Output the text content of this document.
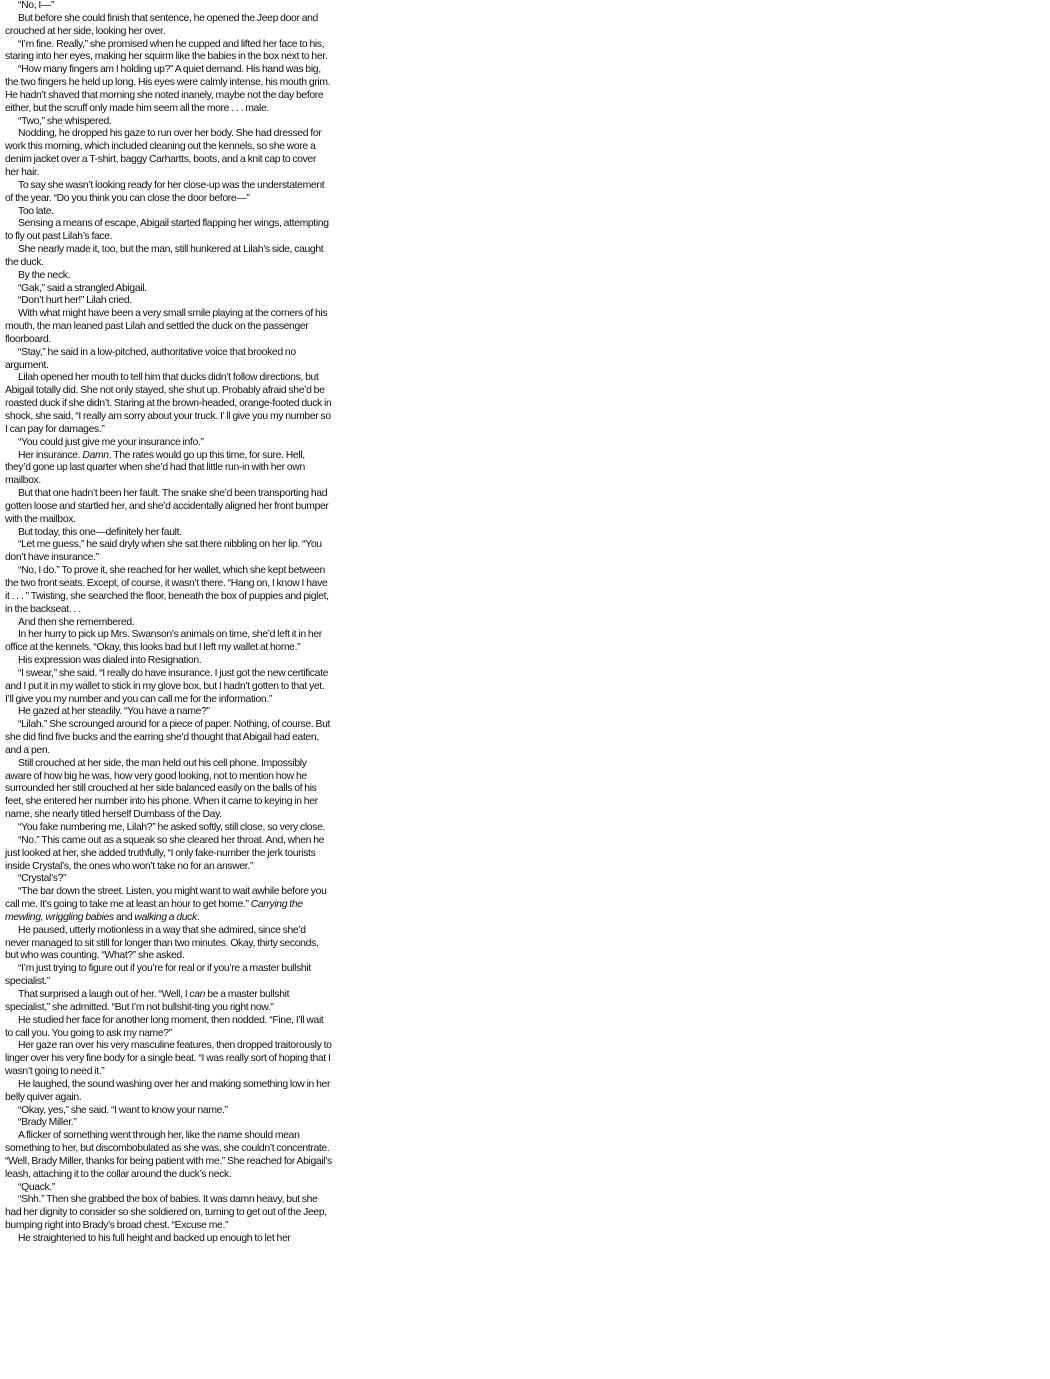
“No, I—”

But before she could finish that sentence, he opened the Jeep door and crouched at her side, looking her over.

“I’m fine. Really,” she promised when he cupped and lifted her face to his, staring into her eyes, making her squirm like the babies in the box next to her.

“How many fingers am I holding up?” A quiet demand. His hand was big, the two fingers he held up long. His eyes were calmly intense, his mouth grim. He hadn’t shaved that morning she noted inanely, maybe not the day before either, but the scruff only made him seem all the more . . . male.

“Two,” she whispered.

Nodding, he dropped his gaze to run over her body. She had dressed for work this morning, which included cleaning out the kennels, so she wore a denim jacket over a T-shirt, baggy Carhartts, boots, and a knit cap to cover her hair.

To say she wasn’t looking ready for her close-up was the understatement of the year. “Do you think you can close the door before—”

Too late.

Sensing a means of escape, Abigail started flapping her wings, attempting to fly out past Lilah’s face.

She nearly made it, too, but the man, still hunkered at Lilah’s side, caught the duck.

By the neck.

“Gak,” said a strangled Abigail.

“Don’t hurt her!” Lilah cried.

With what might have been a very small smile playing at the corners of his mouth, the man leaned past Lilah and settled the duck on the passenger floorboard.

“Stay,” he said in a low-pitched, authoritative voice that brooked no argument.

Lilah opened her mouth to tell him that ducks didn’t follow directions, but Abigail totally did. She not only stayed, she shut up. Probably afraid she’d be roasted duck if she didn’t. Staring at the brown-headed, orange-footed duck in shock, she said, “I really am sorry about your truck. I’ ll give you my number so I can pay for damages.”

“You could just give me your insurance info.”

Her insurance. Damn. The rates would go up this time, for sure. Hell, they’d gone up last quarter when she’d had that little run-in with her own mailbox.

But that one hadn’t been her fault. The snake she’d been transporting had gotten loose and startled her, and she’d accidentally aligned her front bumper with the mailbox.

But today, this one—definitely her fault.

“Let me guess,” he said dryly when she sat there nibbling on her lip. “You don’t have insurance.”

“No, I do.” To prove it, she reached for her wallet, which she kept between the two front seats. Except, of course, it wasn’t there. “Hang on, I know I have it . . . ” Twisting, she searched the floor, beneath the box of puppies and piglet, in the backseat. . .

And then she remembered.

In her hurry to pick up Mrs. Swanson’s animals on time, she’d left it in her office at the kennels. “Okay, this looks bad but I left my wallet at home.”

His expression was dialed into Resignation.

“I swear,” she said. “I really do have insurance. I just got the new certificate and I put it in my wallet to stick in my glove box, but I hadn’t gotten to that yet. I’ll give you my number and you can call me for the information.”

He gazed at her steadily. “You have a name?”

“Lilah.” She scrounged around for a piece of paper. Nothing, of course. But she did find five bucks and the earring she’d thought that Abigail had eaten, and a pen.

Still crouched at her side, the man held out his cell phone. Impossibly aware of how big he was, how very good looking, not to mention how he surrounded her still crouched at her side balanced easily on the balls of his feet, she entered her number into his phone. When it came to keying in her name, she nearly titled herself Dumbass of the Day.

“You fake numbering me, Lilah?” he asked softly, still close, so very close.

“No.” This came out as a squeak so she cleared her throat. And, when he just looked at her, she added truthfully, “I only fake-number the jerk tourists inside Crystal’s, the ones who won’t take no for an answer.”

“Crystal’s?”

“The bar down the street. Listen, you might want to wait awhile before you call me. It’s going to take me at least an hour to get home.” Carrying the mewling, wriggling babies and walking a duck.

He paused, utterly motionless in a way that she admired, since she’d never managed to sit still for longer than two minutes. Okay, thirty seconds, but who was counting. “What?” she asked.

“I’m just trying to figure out if you’re for real or if you’re a master bullshit specialist.”

That surprised a laugh out of her. “Well, I can be a master bullshit specialist,” she admitted. “But I’m not bullshit-ting you right now.”

He studied her face for another long moment, then nodded. “Fine, I’ll wait to call you. You going to ask my name?”

Her gaze ran over his very masculine features, then dropped traitorously to linger over his very fine body for a single beat. “I was really sort of hoping that I wasn’t going to need it.”

He laughed, the sound washing over her and making something low in her belly quiver again.

“Okay, yes,” she said. “I want to know your name.”

“Brady Miller.”

A flicker of something went through her, like the name should mean something to her, but discombobulated as she was, she couldn’t concentrate. “Well, Brady Miller, thanks for being patient with me.” She reached for Abigail’s leash, attaching it to the collar around the duck’s neck.

“Quack.”

“Shh.” Then she grabbed the box of babies. It was damn heavy, but she had her dignity to consider so she soldiered on, turning to get out of the Jeep, bumping right into Brady’s broad chest. “Excuse me.”

He straightened to his full height and backed up enough to let her
